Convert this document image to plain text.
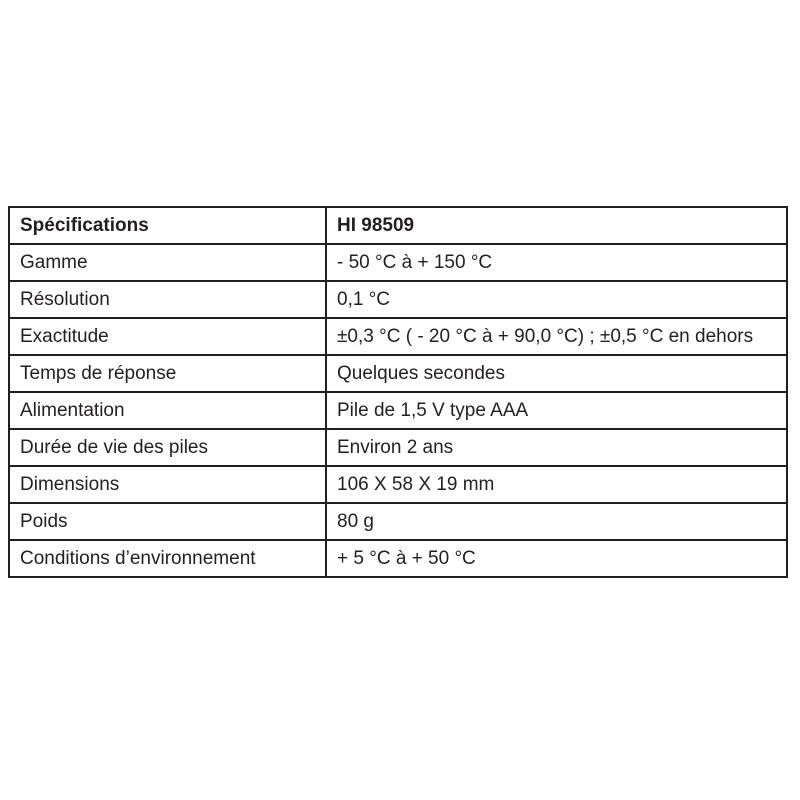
Spécifications	HI 98509
Gamme	- 50 °C à + 150 °C
Résolution	0,1 °C
Exactitude	±0,3 °C ( - 20 °C à + 90,0 °C) ; ±0,5 °C en dehors
Temps de réponse	Quelques secondes
Alimentation	Pile de 1,5 V type AAA
Durée de vie des piles	Environ 2 ans
Dimensions	106 X 58 X 19 mm
Poids	80 g
Conditions d’environnement	+ 5 °C à + 50 °C
